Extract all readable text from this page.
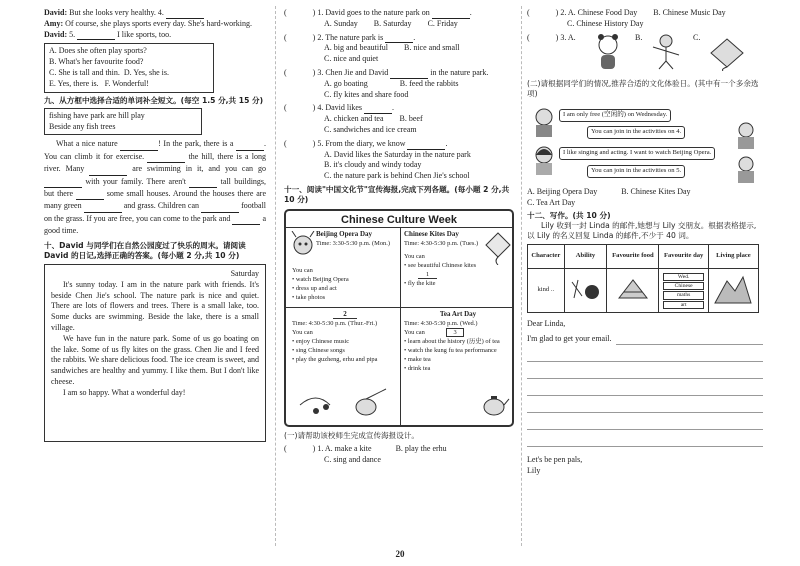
David: But she looks very healthy. 4.

Amy: Of course, she plays sports every day. She's hard-working.

David: 5.	I like sports, too.

A. Does she often play sports?

B. What's her favourite food?

C. She is tall and thin. D. Yes, she is.

E. Yes, there is. F. Wonderful!

九、从方框中选择合适的单词补全短文。(每空 1.5 分,共 15 分)

fishing have park are hill play

Beside any fish trees

What a nice nature	! In the park, there is a	. You can climb it for exercise.	the hill, there is a long river. Many	are swimming in it, and you can go  with your family. There aren't	tall buildings, but there	some small houses. Around the houses there are many green	and grass. Children can	football on the grass. If you are free, you can come to the park and	a good time.

十、David 与同学们在自然公园度过了快乐的周末。请阅读 David 的日记,选择正确的答案。(每小题 2 分,共 10 分)

Saturday

It's sunny today. I am in the nature park with friends. It's beside Chen Jie's school. The nature park is nice and quiet. There are lots of flowers and trees. There is a small lake, too. Some ducks are swimming. Beside the lake, there is a small village.

We have fun in the nature park. Some of us go boating on the lake. Some of us fly kites on the grass. Chen Jie and I feed the rabbits. We share delicious food. The ice cream is sweet, and sandwiches are healthy and yummy. I like them. But I don't like cheese.

I am so happy. What a wonderful day!

(	) 1. David goes to the nature park on	.

A. Sunday   B. Saturday   C. Friday

(	) 2. The nature park is	.

A. big and beautiful   B. nice and small

C. nice and quiet

(	) 3. Chen Jie and David	in the nature park.

A. go boating    	B. feed the rabbits

C. fly kites and share food

(	) 4. David likes	.

A. chicken and tea   B. beef

C. sandwiches and ice cream

(	) 5. From the diary, we know	.

A. David likes the Saturday in the nature park

B. it's cloudy and windy today

C. the nature park is behind Chen Jie's school

十一、阅读"中国文化节"宣传海报,完成下列各题。(每小题 2 分,共 10 分)

Chinese Culture Week
Beijing Opera Day
Time: 3:30-5:30 p.m. (Mon.)
You can
• watch Beijing Opera
• dress up and act
• take photos
Chinese Kites Day
Time: 4:30-5:30 p.m. (Tues.)
You can
• see beautiful Chinese kites
1
• fly the kite
2
Time: 4:30-5:30 p.m. (Thur.-Fri.)
You can
• enjoy Chinese music
• sing Chinese songs
• play the guzheng, erhu and pipa
Tea Art Day
Time: 4:30-5:30 p.m. (Wed.)
You can	3
• learn about the history (历史) of tea
• watch the kung fu tea performance
• make tea
• drink tea

(一)请帮助该校师生完成宣传海报设计。

(	) 1. A. make a kite   	B. play the erhu

C. sing and dance

(	) 2. A. Chinese Food Day   B. Chinese Music Day

C. Chinese History Day

(	) 3. A.	B.	C.

(二)请根据同学们的情况,推荐合适的文化体验日。(其中有一个多余选项)

I am only free (空闲的) on Wednesday.
You can join in the activities on 4.
I like singing and acting. I want to watch Beijing Opera.
You can join in the activities on 5.

A. Beijing Opera Day   	B. Chinese Kites Day

C. Tea Art Day

十二、写作。(共 10 分)

Lily 收到一封 Linda 的邮件,她想与 Lily 交朋友。根据表格提示,以 Lily 的名义回复 Linda 的邮件,不少于 40 词。

Character	Ability	Favourite food	Favourite day	Living place
kind ..			Wed.
Chinese
maths
art

Dear Linda,

I'm glad to get your email.

Let's be pen pals,

Lily

20
